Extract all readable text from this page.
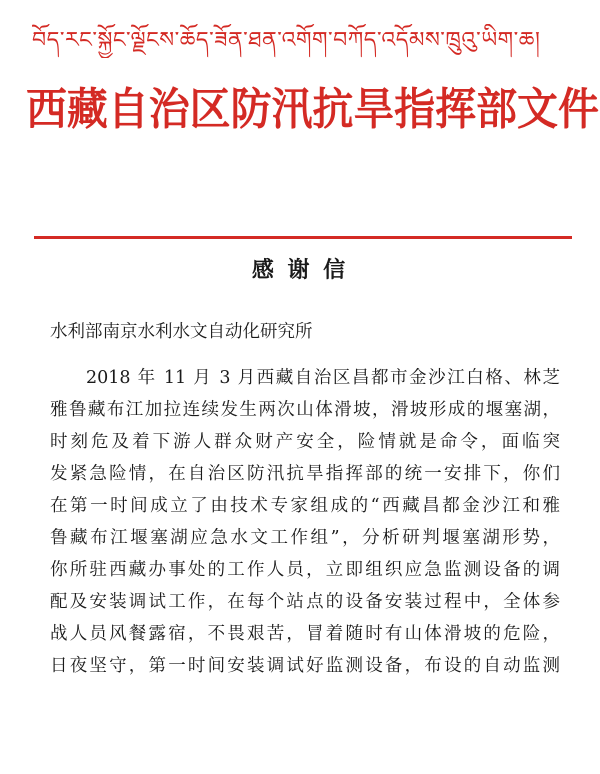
བོད་རང་སྐྱོང་ལྗོངས་ཆོད་ཟོན་ཐན་འགོག་བཀོད་འདོམས་ཁྲུའུ་ཡིག་ཆ།
西藏自治区防汛抗旱指挥部文件
感 谢 信
水利部南京水利水文自动化研究所
2018 年 11 月 3 月西藏自治区昌都市金沙江白格、林芝
雅鲁藏布江加拉连续发生两次山体滑坡，滑坡形成的堰塞湖，
时刻危及着下游人群众财产安全，险情就是命令，面临突
发紧急险情，在自治区防汛抗旱指挥部的统一安排下，你们
在第一时间成立了由技术专家组成的“西藏昌都金沙江和雅
鲁藏布江堰塞湖应急水文工作组”，分析研判堰塞湖形势，
你所驻西藏办事处的工作人员，立即组织应急监测设备的调
配及安装调试工作，在每个站点的设备安装过程中，全体参
战人员风餐露宿，不畏艰苦，冒着随时有山体滑坡的危险，
日夜坚守，第一时间安装调试好监测设备，布设的自动监测
